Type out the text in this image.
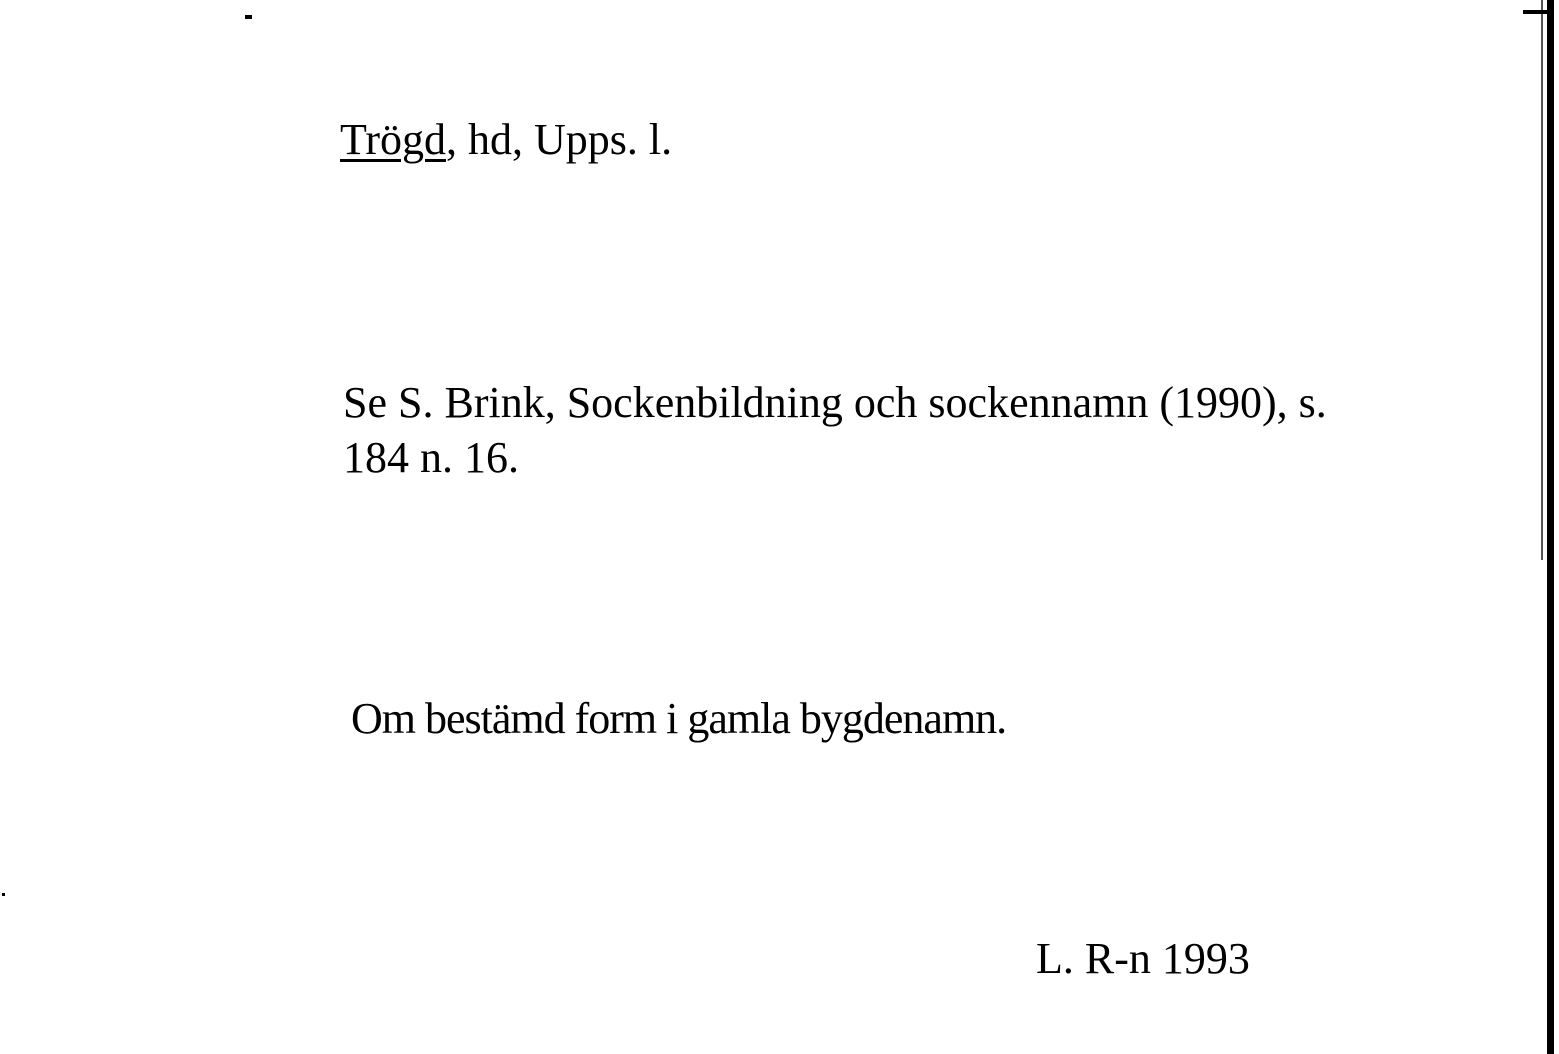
Trögd, hd, Upps. l.
Se S. Brink, Sockenbildning och sockennamn (1990), s.
184 n. 16.
Om bestämd form i gamla bygdenamn.
L. R-n 1993
